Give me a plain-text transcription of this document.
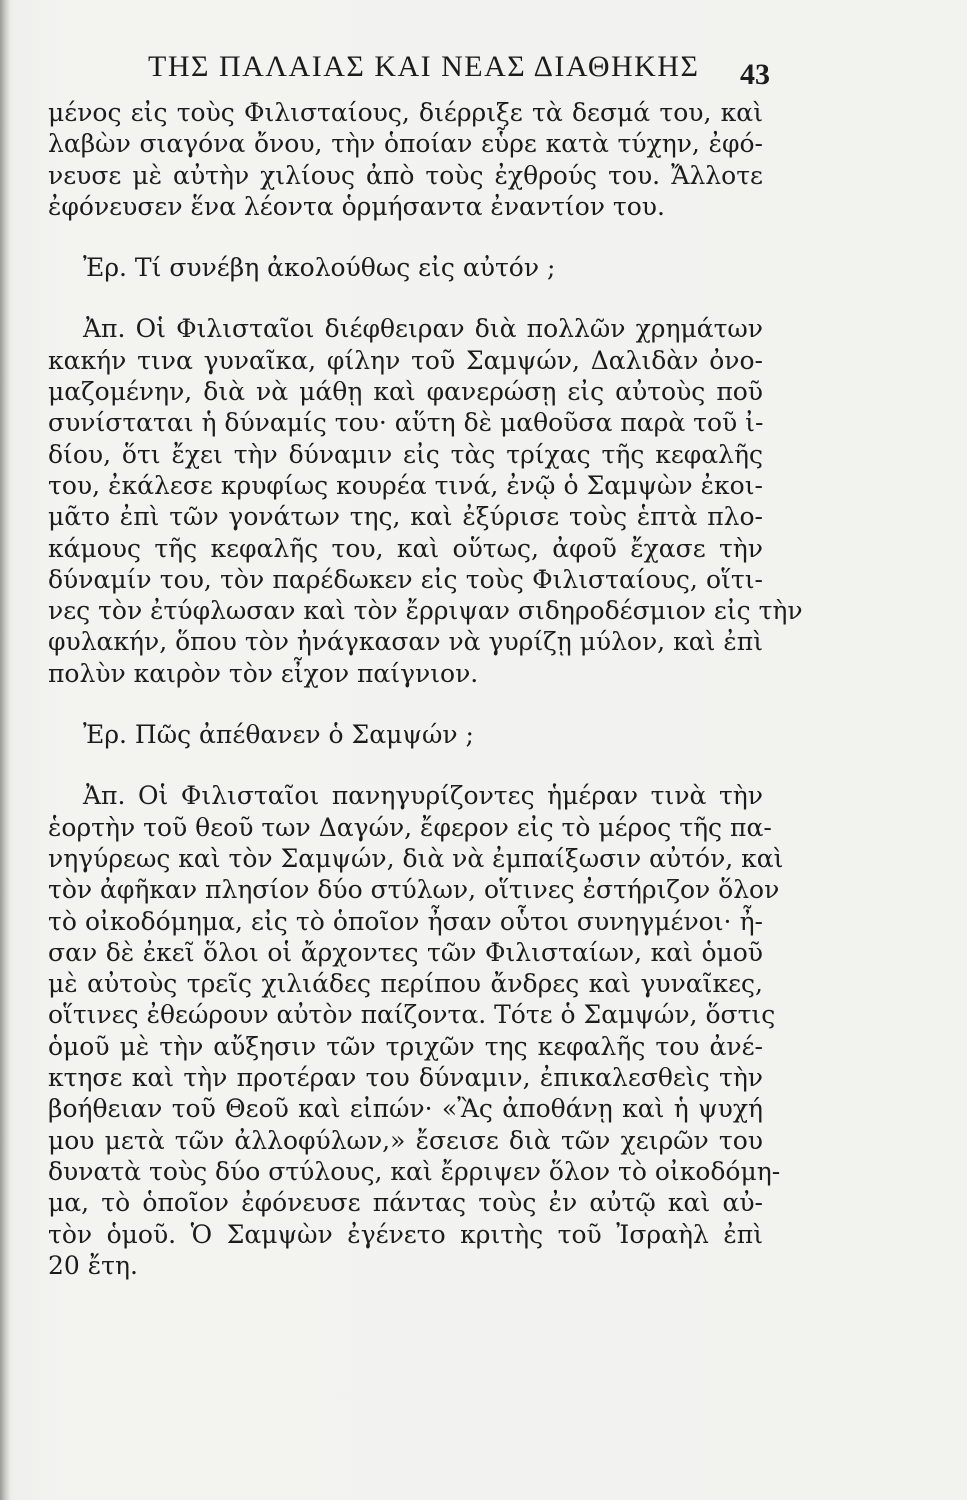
ΤΗΣ ΠΑΛΑΙΑΣ ΚΑΙ ΝΕΑΣ ΔΙΑΘΗΚΗΣ 43
μένος εἰς τοὺς Φιλισταίους, διέρριξε τὰ δεσμά του, καὶ
λαβὼν σιαγόνα ὄνου, τὴν ὁποίαν εὗρε κατὰ τύχην, ἐφό-
νευσε μὲ αὐτὴν χιλίους ἀπὸ τοὺς ἐχθρούς του. Ἄλλοτε
ἐφόνευσεν ἕνα λέοντα ὁρμήσαντα ἐναντίον του.
Ἐρ. Τί συνέβη ἀκολούθως εἰς αὐτόν ;
Ἀπ. Οἱ Φιλισταῖοι διέφθειραν διὰ πολλῶν χρημάτων
κακήν τινα γυναῖκα, φίλην τοῦ Σαμψών, Δαλιδὰν ὀνο-
μαζομένην, διὰ νὰ μάθῃ καὶ φανερώσῃ εἰς αὐτοὺς ποῦ
συνίσταται ἡ δύναμίς του· αὕτη δὲ μαθοῦσα παρὰ τοῦ ἰ-
δίου, ὅτι ἔχει τὴν δύναμιν εἰς τὰς τρίχας τῆς κεφαλῆς
του, ἐκάλεσε κρυφίως κουρέα τινά, ἐνῷ ὁ Σαμψὼν ἐκοι-
μᾶτο ἐπὶ τῶν γονάτων της, καὶ ἐξύρισε τοὺς ἑπτὰ πλο-
κάμους τῆς κεφαλῆς του, καὶ οὕτως, ἀφοῦ ἔχασε τὴν
δύναμίν του, τὸν παρέδωκεν εἰς τοὺς Φιλισταίους, οἵτι-
νες τὸν ἐτύφλωσαν καὶ τὸν ἔρριψαν σιδηροδέσμιον εἰς τὴν
φυλακήν, ὅπου τὸν ἠνάγκασαν νὰ γυρίζῃ μύλον, καὶ ἐπὶ
πολὺν καιρὸν τὸν εἶχον παίγνιον.
Ἐρ. Πῶς ἀπέθανεν ὁ Σαμψών ;
Ἀπ. Οἱ Φιλισταῖοι πανηγυρίζοντες ἡμέραν τινὰ τὴν
ἑορτὴν τοῦ θεοῦ των Δαγών, ἔφερον εἰς τὸ μέρος τῆς πα-
νηγύρεως καὶ τὸν Σαμψών, διὰ νὰ ἐμπαίξωσιν αὐτόν, καὶ
τὸν ἀφῆκαν πλησίον δύο στύλων, οἵτινες ἐστήριζον ὅλον
τὸ οἰκοδόμημα, εἰς τὸ ὁποῖον ἦσαν οὗτοι συνηγμένοι· ἦ-
σαν δὲ ἐκεῖ ὅλοι οἱ ἄρχοντες τῶν Φιλισταίων, καὶ ὁμοῦ
μὲ αὐτοὺς τρεῖς χιλιάδες περίπου ἄνδρες καὶ γυναῖκες,
οἵτινες ἐθεώρουν αὐτὸν παίζοντα. Τότε ὁ Σαμψών, ὅστις
ὁμοῦ μὲ τὴν αὔξησιν τῶν τριχῶν της κεφαλῆς του ἀνέ-
κτησε καὶ τὴν προτέραν του δύναμιν, ἐπικαλεσθεὶς τὴν
βοήθειαν τοῦ Θεοῦ καὶ εἰπών· «Ἂς ἀποθάνῃ καὶ ἡ ψυχή
μου μετὰ τῶν ἀλλοφύλων,» ἔσεισε διὰ τῶν χειρῶν του
δυνατὰ τοὺς δύο στύλους, καὶ ἔρριψεν ὅλον τὸ οἰκοδόμη-
μα, τὸ ὁποῖον ἐφόνευσε πάντας τοὺς ἐν αὐτῷ καὶ αὐ-
τὸν ὁμοῦ. Ὁ Σαμψὼν ἐγένετο κριτὴς τοῦ Ἰσραὴλ ἐπὶ
20 ἔτη.
